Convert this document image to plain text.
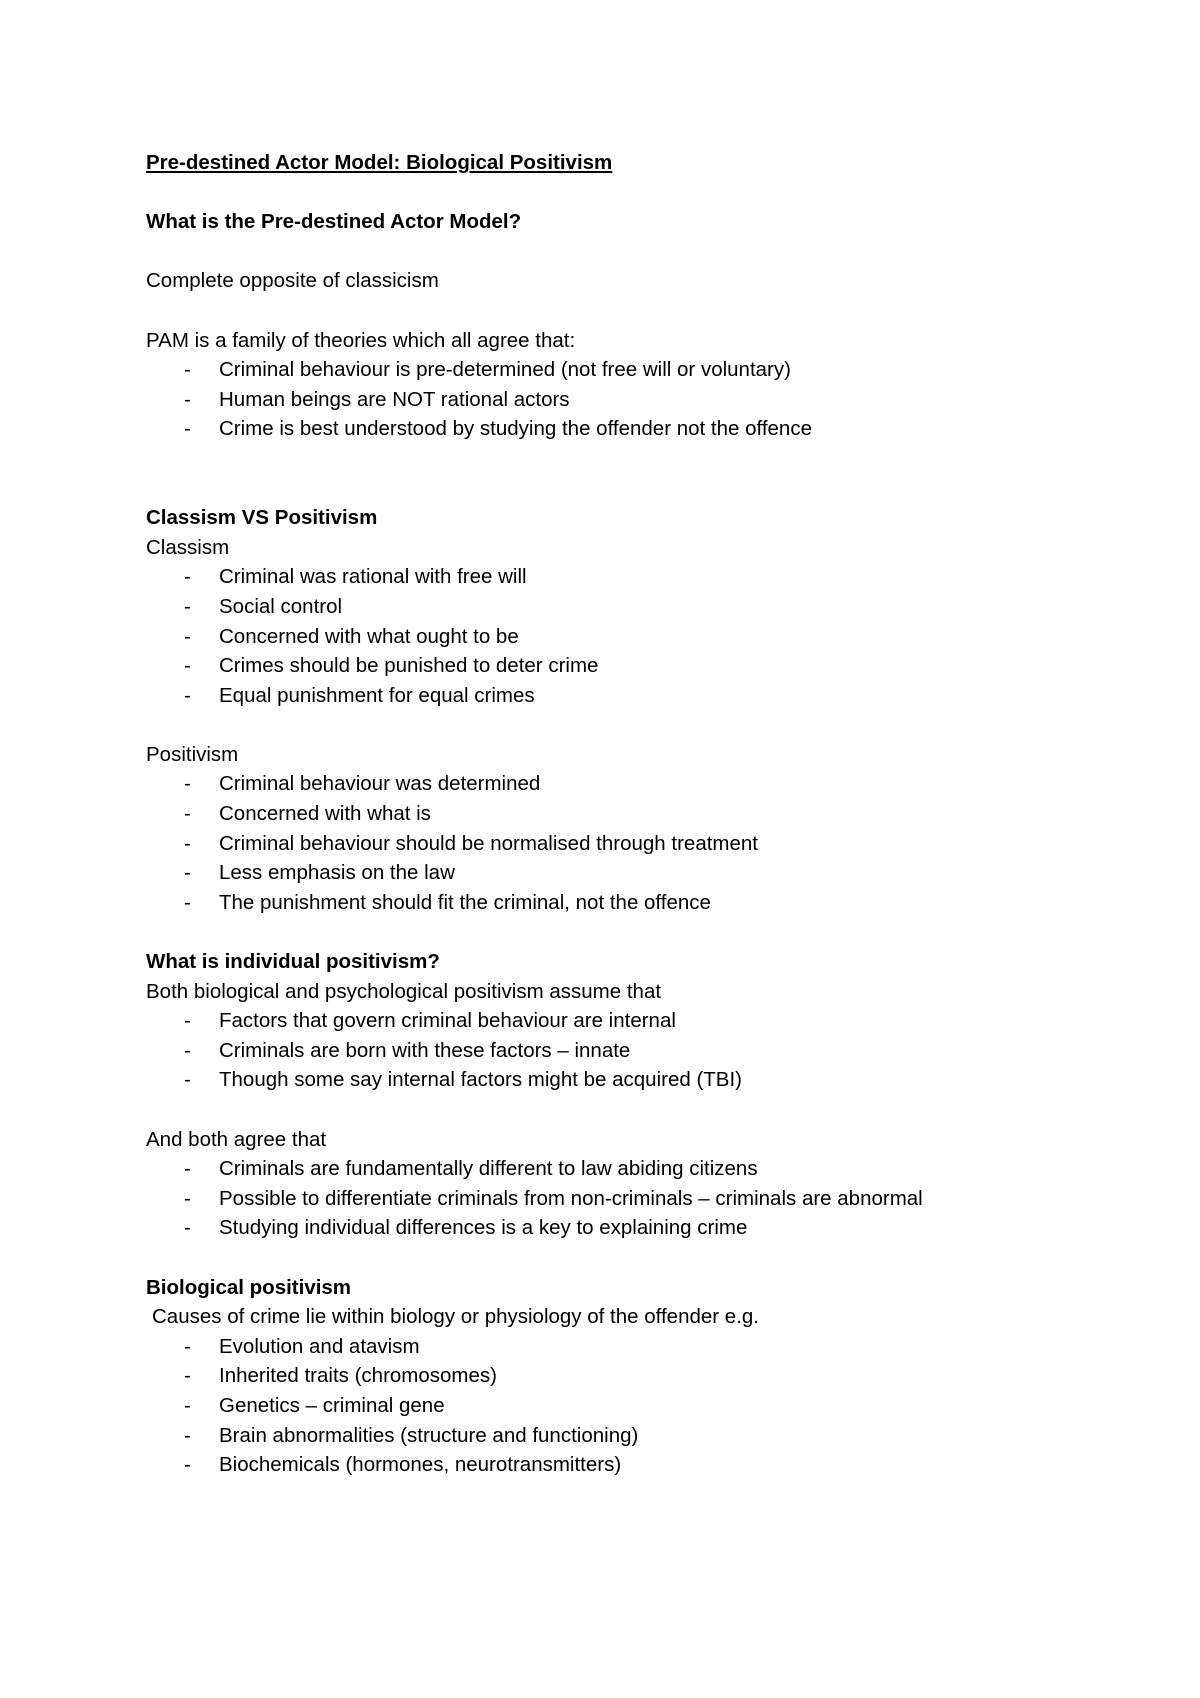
Pre-destined Actor Model: Biological Positivism

What is the Pre-destined Actor Model?

Complete opposite of classicism

PAM is a family of theories which all agree that:

- Criminal behaviour is pre-determined (not free will or voluntary)
- Human beings are NOT rational actors
- Crime is best understood by studying the offender not the offence

Classism VS Positivism

Classism

- Criminal was rational with free will
- Social control
- Concerned with what ought to be
- Crimes should be punished to deter crime
- Equal punishment for equal crimes

Positivism

- Criminal behaviour was determined
- Concerned with what is
- Criminal behaviour should be normalised through treatment
- Less emphasis on the law
- The punishment should fit the criminal, not the offence

What is individual positivism?

Both biological and psychological positivism assume that

- Factors that govern criminal behaviour are internal
- Criminals are born with these factors – innate
- Though some say internal factors might be acquired (TBI)

And both agree that

- Criminals are fundamentally different to law abiding citizens
- Possible to differentiate criminals from non-criminals – criminals are abnormal
- Studying individual differences is a key to explaining crime

Biological positivism

Causes of crime lie within biology or physiology of the offender e.g.

- Evolution and atavism
- Inherited traits (chromosomes)
- Genetics – criminal gene
- Brain abnormalities (structure and functioning)
- Biochemicals (hormones, neurotransmitters)
